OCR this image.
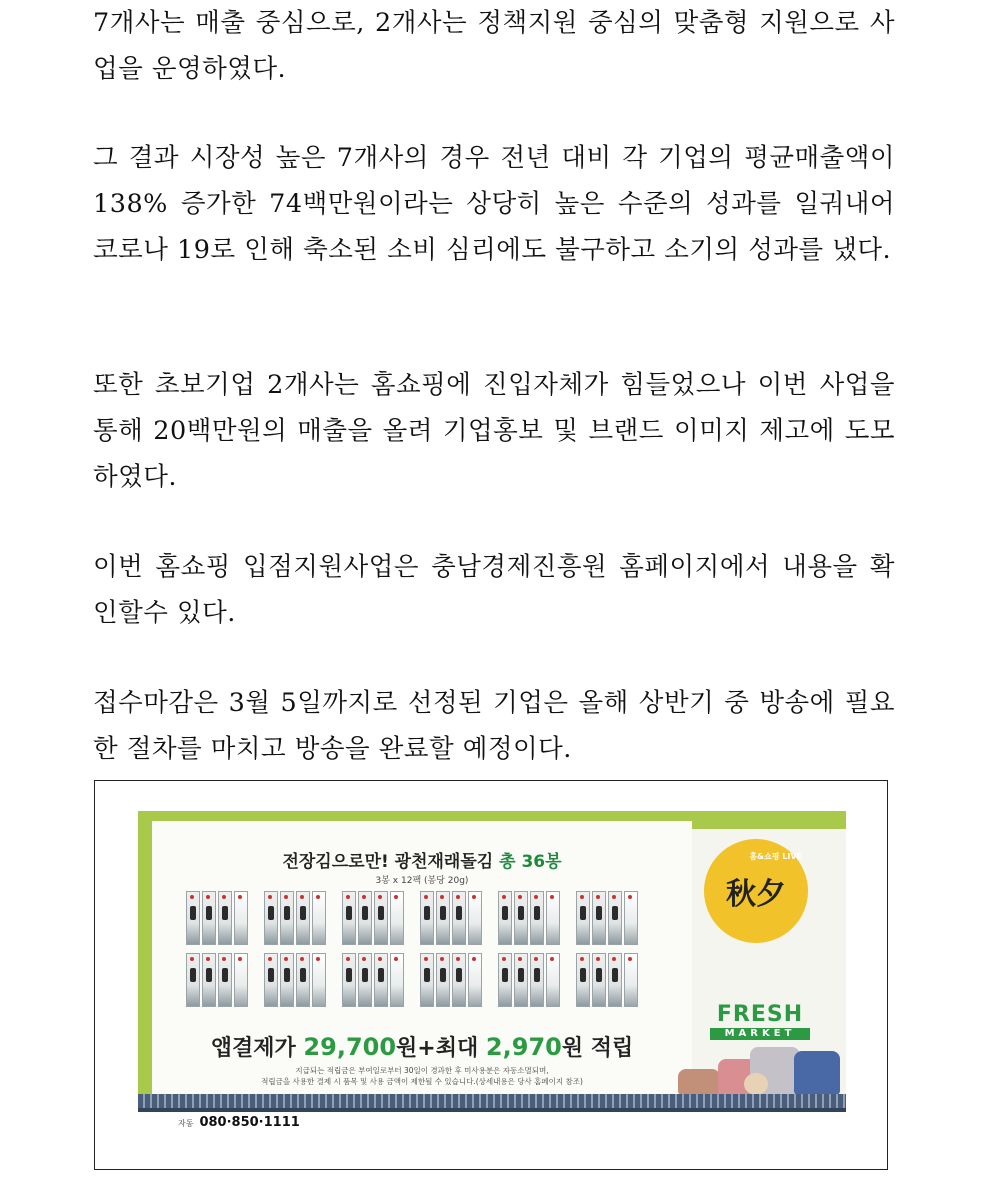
7개사는 매출 중심으로, 2개사는 정책지원 중심의 맞춤형 지원으로 사업을 운영하였다.

그 결과 시장성 높은 7개사의 경우 전년 대비 각 기업의 평균매출액이 138% 증가한 74백만원이라는 상당히 높은 수준의 성과를 일궈내어 코로나 19로 인해 축소된 소비 심리에도 불구하고 소기의 성과를 냈다.

또한 초보기업 2개사는 홈쇼핑에 진입자체가 힘들었으나 이번 사업을 통해 20백만원의 매출을 올려 기업홍보 및 브랜드 이미지 제고에 도모하였다.

이번 홈쇼핑 입점지원사업은 충남경제진흥원 홈페이지에서 내용을 확인할수 있다.

접수마감은 3월 5일까지로 선정된 기업은 올해 상반기 중 방송에 필요한 절차를 마치고 방송을 완료할 예정이다.

전장김으로만! 광천재래돌김 총 36봉
3봉 x 12팩 (봉당 20g)
앱결제가 29,700원+최대 2,970원 적립
지급되는 적립금은 부여일로부터 30일이 경과한 후 미사용분은 자동소멸되며,
적립금을 사용한 결제 시 품목 및 사용 금액이 제한될 수 있습니다.(상세내용은 당사 홈페이지 참조)
홈&쇼핑 LIVE
秋夕
FRESH
MARKET
자동 080·850·1111
